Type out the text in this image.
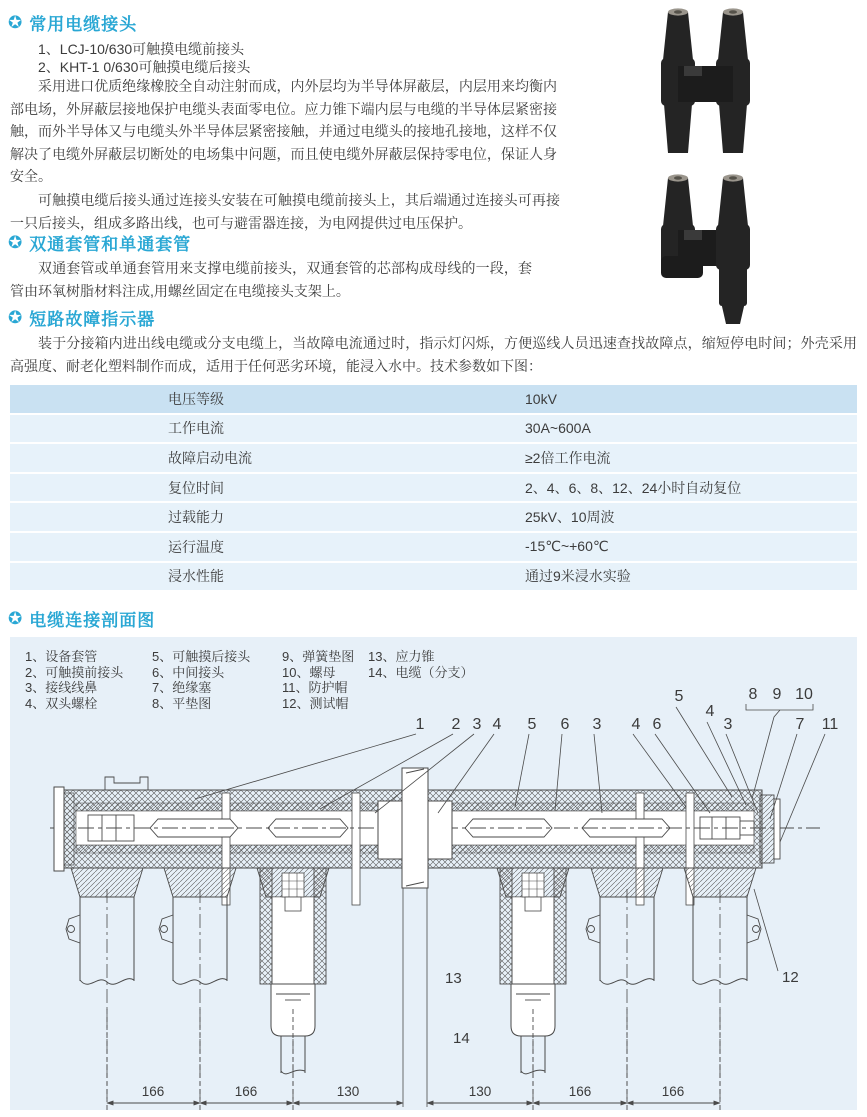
✪ 常用电缆接头
1、LCJ-10/630可触摸电缆前接头
2、KHT-1 0/630可触摸电缆后接头
采用进口优质绝缘橡胶全自动注射而成，内外层均为半导体屏蔽层，内层用来均衡内部电场，外屏蔽层接地保护电缆头表面零电位。应力锥下端内层与电缆的半导体层紧密接触，而外半导体又与电缆头外半导体层紧密接触，并通过电缆头的接地孔接地，这样不仅解决了电缆外屏蔽层切断处的电场集中问题，而且使电缆外屏蔽层保持零电位，保证人身安全。
可触摸电缆后接头通过连接头安装在可触摸电缆前接头上，其后端通过连接头可再接一只后接头，组成多路出线，也可与避雷器连接，为电网提供过电压保护。
✪ 双通套管和单通套管
双通套管或单通套管用来支撑电缆前接头，双通套管的芯部构成母线的一段，套管由环氧树脂材料注成,用螺丝固定在电缆接头支架上。
✪ 短路故障指示器
装于分接箱内进出线电缆或分支电缆上，当故障电流通过时，指示灯闪烁，方便巡线人员迅速查找故障点，缩短停电时间；外壳采用高强度、耐老化塑料制作而成，适用于任何恶劣环境，能浸入水中。技术参数如下图：
电压等级	10kV
工作电流	30A~600A
故障启动电流	≥2倍工作电流
复位时间	2、4、6、8、12、24小时自动复位
过载能力	25kV、10周波
运行温度	-15℃~+60℃
浸水性能	通过9米浸水实验
✪ 电缆连接剖面图
1、设备套管
2、可触摸前接头
3、接线线鼻
4、双头螺栓
5、可触摸后接头
6、中间接头
7、绝缘塞
8、平垫图
9、弹簧垫图
10、螺母
11、防护帽
12、测试帽
13、应力锥
14、电缆（分支）
1 2 3 4 5 6 3 4 6
5
4
3
8 9 10
7 11
13
14
12
166	166	130	130	166	166
